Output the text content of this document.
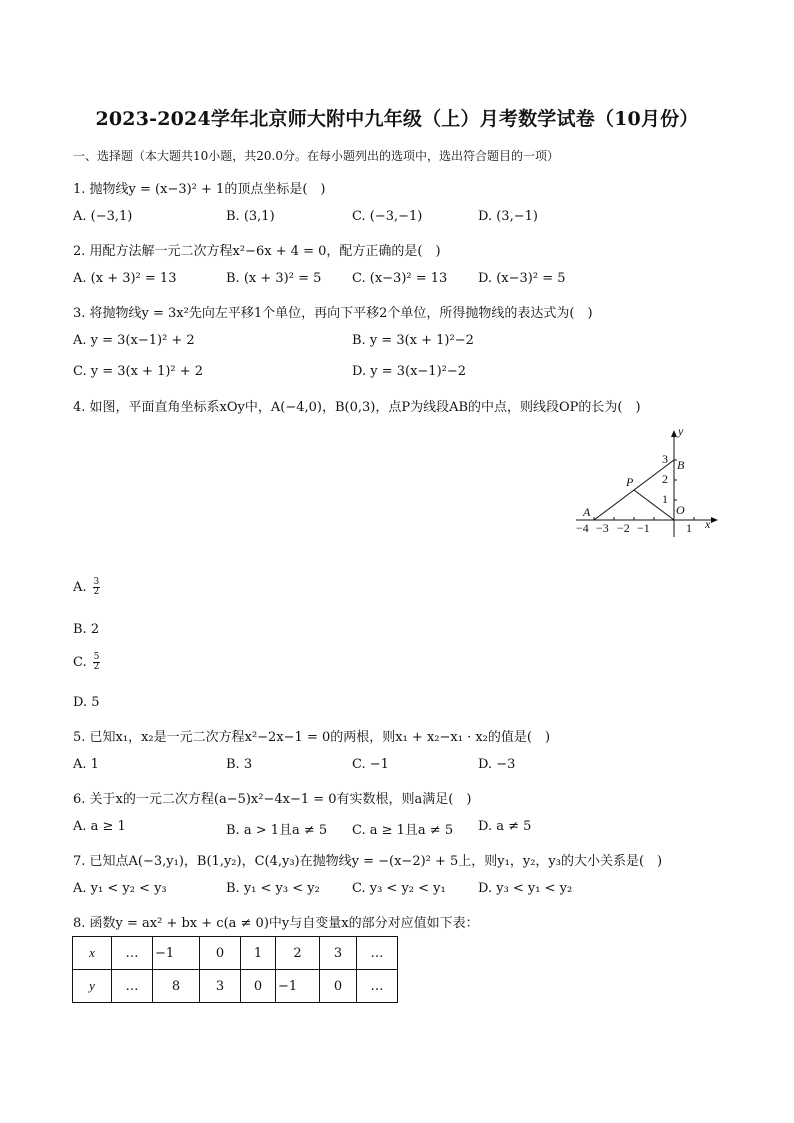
2023-2024学年北京师大附中九年级（上）月考数学试卷（10月份）
一、选择题（本大题共10小题，共20.0分。在每小题列出的选项中，选出符合题目的一项）
1. 抛物线y = (x−3)² + 1的顶点坐标是(　)
A. (−3,1)	B. (3,1)	C. (−3,−1)	D. (3,−1)
2. 用配方法解一元二次方程x²−6x + 4 = 0，配方正确的是(　)
A. (x + 3)² = 13	B. (x + 3)² = 5 C. (x−3)² = 13 D. (x−3)² = 5
3. 将抛物线y = 3x²先向左平移1个单位，再向下平移2个单位，所得抛物线的表达式为(　)
A. y = 3(x−1)² + 2	B. y = 3(x + 1)²−2
C. y = 3(x + 1)² + 2	D. y = 3(x−1)²−2
4. 如图，平面直角坐标系xOy中，A(−4,0)，B(0,3)，点P为线段AB的中点，则线段OP的长为(　)
y
x
A
B
P
O
−4 −3 −2 −1	1
3
2
1
A. $\frac{3}{2}$
B. 2
C. $\frac{5}{2}$
D. 5
5. 已知x₁，x₂是一元二次方程x²−2x−1 = 0的两根，则x₁ + x₂−x₁ · x₂的值是(　)
A. 1	B. 3	C. −1	D. −3
6. 关于x的一元二次方程(a−5)x²−4x−1 = 0有实数根，则a满足(　)
A. a ≥ 1	B. a > 1且a ≠ 5 C. a ≥ 1且a ≠ 5 D. a ≠ 5
7. 已知点A(−3,y₁)，B(1,y₂)，C(4,y₃)在抛物线y = −(x−2)² + 5上，则y₁，y₂，y₃的大小关系是(　)
A. y₁ < y₂ < y₃	B. y₁ < y₃ < y₂ C. y₃ < y₂ < y₁ D. y₃ < y₁ < y₂
8. 函数y = ax² + bx + c(a ≠ 0)中y与自变量x的部分对应值如下表：
x	…	−1	0	1	2	3	…
y	…	8	3	0	−1	0	…
